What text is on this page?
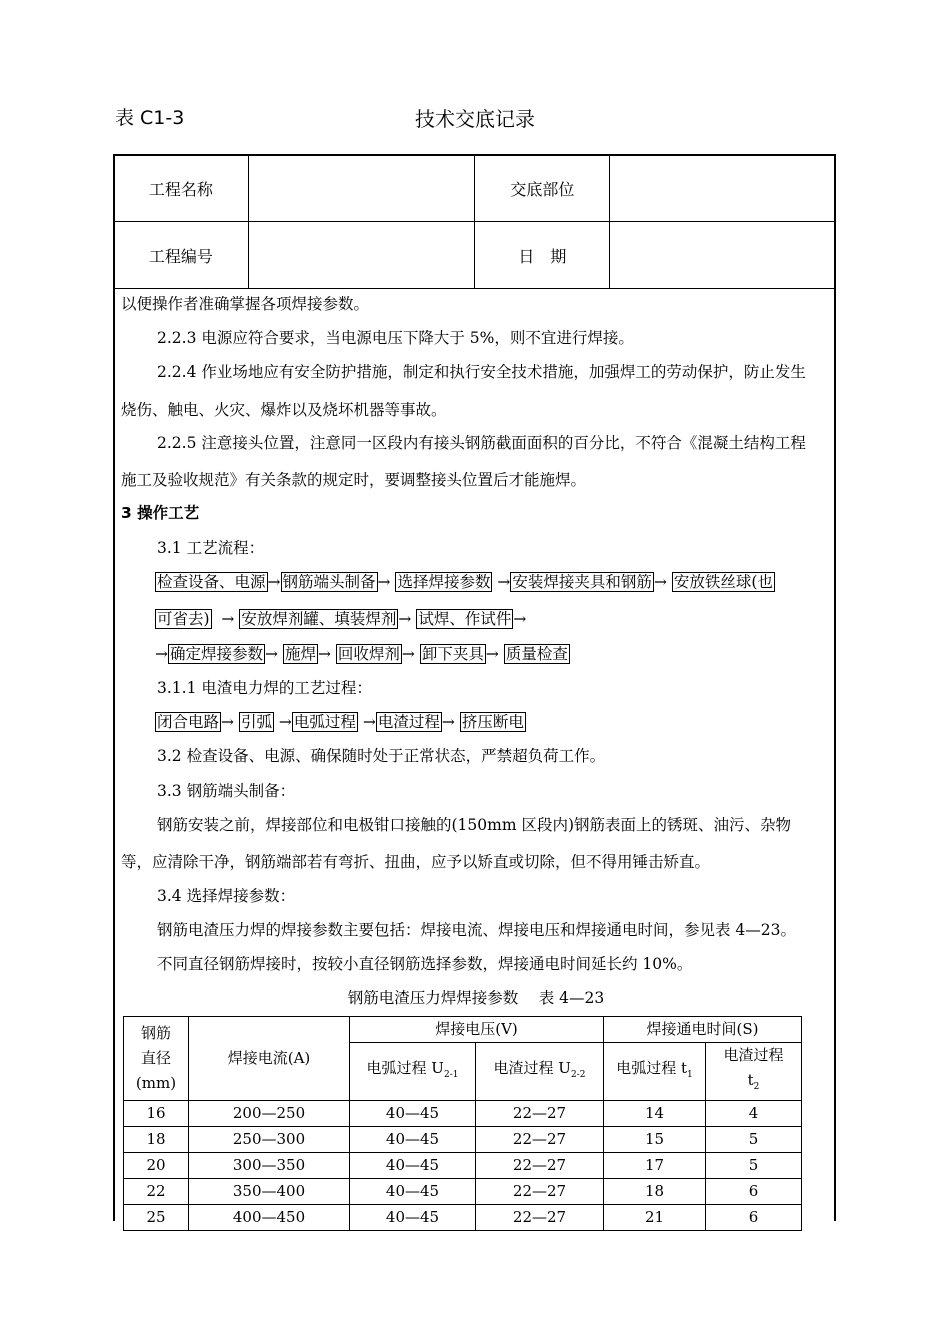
表 C1-3	技术交底记录
工程名称		交底部位	
工程编号		日　期	
以便操作者准确掌握各项焊接参数。
2.2.3 电源应符合要求，当电源电压下降大于 5%，则不宜进行焊接。
2.2.4 作业场地应有安全防护措施，制定和执行安全技术措施，加强焊工的劳动保护，防止发生
烧伤、触电、火灾、爆炸以及烧坏机器等事故。
2.2.5 注意接头位置，注意同一区段内有接头钢筋截面面积的百分比，不符合《混凝土结构工程
施工及验收规范》有关条款的规定时，要调整接头位置后才能施焊。
3 操作工艺
3.1 工艺流程：
检查设备、电源 → 钢筋端头制备 → 选择焊接参数 → 安装焊接夹具和钢筋 → 安放铁丝球(也
可省去) → 安放焊剂罐、填装焊剂 → 试焊、作试件 →
→ 确定焊接参数 → 施焊 → 回收焊剂 → 卸下夹具 → 质量检查
3.1.1 电渣电力焊的工艺过程：
闭合电路 → 引弧 → 电弧过程 → 电渣过程 → 挤压断电
3.2 检查设备、电源、确保随时处于正常状态，严禁超负荷工作。
3.3 钢筋端头制备：
钢筋安装之前，焊接部位和电极钳口接触的(150mm 区段内)钢筋表面上的锈斑、油污、杂物
等，应清除干净，钢筋端部若有弯折、扭曲，应予以矫直或切除，但不得用锤击矫直。
3.4 选择焊接参数：
钢筋电渣压力焊的焊接参数主要包括：焊接电流、焊接电压和焊接通电时间，参见表 4—23。
不同直径钢筋焊接时，按较小直径钢筋选择参数，焊接通电时间延长约 10%。
钢筋电渣压力焊焊接参数　 表 4—23
钢筋
直径
(mm)	焊接电流(A)	焊接电压(V)		焊接通电时间(S)	
		电弧过程 $U_{2-1}$	电渣过程 $U_{2-2}$	电弧过程 $t_1$	电渣过程
$t_2$
16	200—250	40—45	22—27	14	4
18	250—300	40—45	22—27	15	5
20	300—350	40—45	22—27	17	5
22	350—400	40—45	22—27	18	6
25	400—450	40—45	22—27	21	6
